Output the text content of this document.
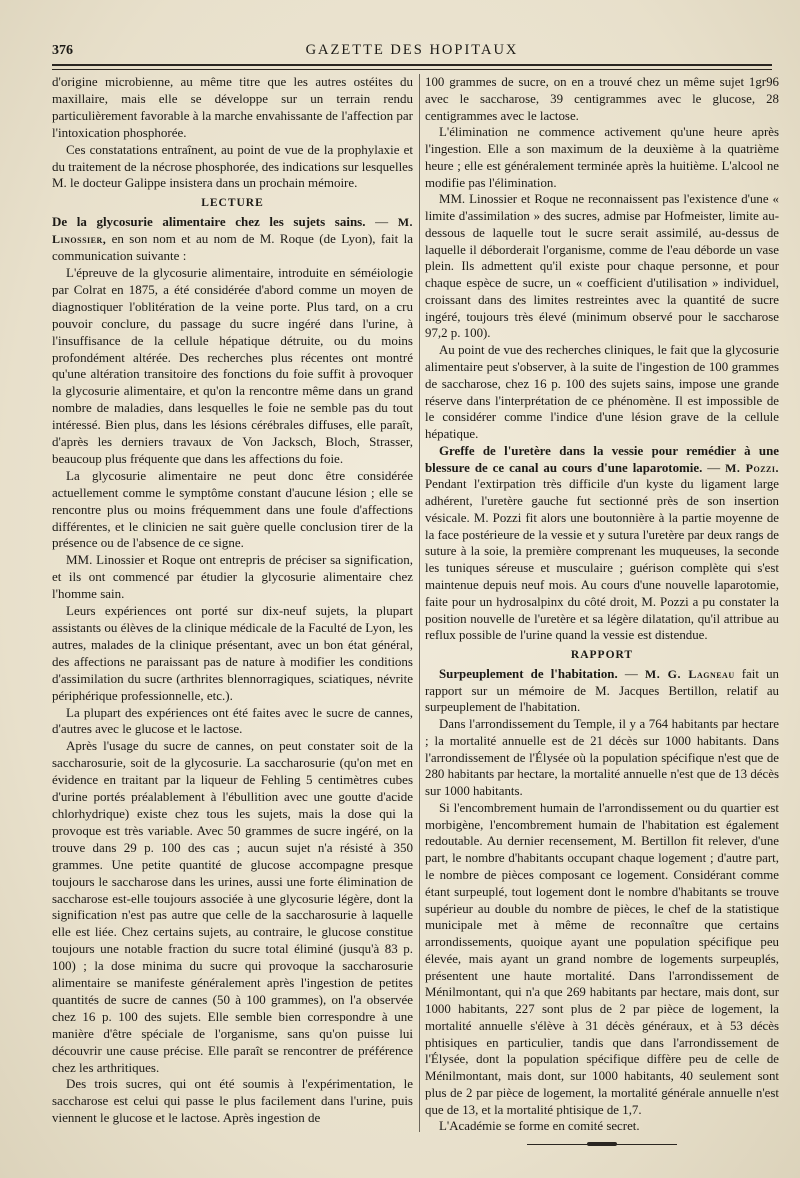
376	GAZETTE DES HOPITAUX

d'origine microbienne, au même titre que les autres ostéites du maxillaire, mais elle se développe sur un terrain rendu particulièrement favorable à la marche envahissante de l'affection par l'intoxication phosphorée.

Ces constatations entraînent, au point de vue de la prophylaxie et du traitement de la nécrose phosphorée, des indications sur lesquelles M. le docteur Galippe insistera dans un prochain mémoire.

LECTURE

De la glycosurie alimentaire chez les sujets sains. — M. Linossier, en son nom et au nom de M. Roque (de Lyon), fait la communication suivante :

L'épreuve de la glycosurie alimentaire, introduite en séméiologie par Colrat en 1875, a été considérée d'abord comme un moyen de diagnostiquer l'oblitération de la veine porte. Plus tard, on a cru pouvoir conclure, du passage du sucre ingéré dans l'urine, à l'insuffisance de la cellule hépatique détruite, ou du moins profondément altérée. Des recherches plus récentes ont montré qu'une altération transitoire des fonctions du foie suffit à provoquer la glycosurie alimentaire, et qu'on la rencontre même dans un grand nombre de maladies, dans lesquelles le foie ne semble pas du tout intéressé. Bien plus, dans les lésions cérébrales diffuses, elle paraît, d'après les derniers travaux de Von Jacksch, Bloch, Strasser, beaucoup plus fréquente que dans les affections du foie.

La glycosurie alimentaire ne peut donc être considérée actuellement comme le symptôme constant d'aucune lésion ; elle se rencontre plus ou moins fréquemment dans une foule d'affections différentes, et le clinicien ne sait guère quelle conclusion tirer de la présence ou de l'absence de ce signe.

MM. Linossier et Roque ont entrepris de préciser sa signification, et ils ont commencé par étudier la glycosurie alimentaire chez l'homme sain.

Leurs expériences ont porté sur dix-neuf sujets, la plupart assistants ou élèves de la clinique médicale de la Faculté de Lyon, les autres, malades de la clinique présentant, avec un bon état général, des affections ne paraissant pas de nature à modifier les conditions d'assimilation du sucre (arthrites blennorragiques, sciatiques, névrite périphérique professionnelle, etc.).

La plupart des expériences ont été faites avec le sucre de cannes, d'autres avec le glucose et le lactose.

Après l'usage du sucre de cannes, on peut constater soit de la saccharosurie, soit de la glycosurie. La saccharosurie (qu'on met en évidence en traitant par la liqueur de Fehling 5 centimètres cubes d'urine portés préalablement à l'ébullition avec une goutte d'acide chlorhydrique) existe chez tous les sujets, mais la dose qui la provoque est très variable. Avec 50 grammes de sucre ingéré, on la trouve dans 29 p. 100 des cas ; aucun sujet n'a résisté à 350 grammes. Une petite quantité de glucose accompagne presque toujours le saccharose dans les urines, aussi une forte élimination de saccharose est-elle toujours associée à une glycosurie légère, dont la signification n'est pas autre que celle de la saccharosurie à laquelle elle est liée. Chez certains sujets, au contraire, le glucose constitue toujours une notable fraction du sucre total éliminé (jusqu'à 83 p. 100) ; la dose minima du sucre qui provoque la saccharosurie alimentaire se manifeste généralement après l'ingestion de petites quantités de sucre de cannes (50 à 100 grammes), on l'a observée chez 16 p. 100 des sujets. Elle semble bien correspondre à une manière d'être spéciale de l'organisme, sans qu'on puisse lui découvrir une cause précise. Elle paraît se rencontrer de préférence chez les arthritiques.

Des trois sucres, qui ont été soumis à l'expérimentation, le saccharose est celui qui passe le plus facilement dans l'urine, puis viennent le glucose et le lactose. Après ingestion de

100 grammes de sucre, on en a trouvé chez un même sujet 1gr96 avec le saccharose, 39 centigrammes avec le glucose, 28 centigrammes avec le lactose.

L'élimination ne commence activement qu'une heure après l'ingestion. Elle a son maximum de la deuxième à la quatrième heure ; elle est généralement terminée après la huitième. L'alcool ne modifie pas l'élimination.

MM. Linossier et Roque ne reconnaissent pas l'existence d'une « limite d'assimilation » des sucres, admise par Hofmeister, limite au-dessous de laquelle tout le sucre serait assimilé, au-dessus de laquelle il déborderait l'organisme, comme de l'eau déborde un vase plein. Ils admettent qu'il existe pour chaque personne, et pour chaque espèce de sucre, un « coefficient d'utilisation » individuel, croissant dans des limites restreintes avec la quantité de sucre ingéré, toujours très élevé (minimum observé pour le saccharose 97,2 p. 100).

Au point de vue des recherches cliniques, le fait que la glycosurie alimentaire peut s'observer, à la suite de l'ingestion de 100 grammes de saccharose, chez 16 p. 100 des sujets sains, impose une grande réserve dans l'interprétation de ce phénomène. Il est impossible de le considérer comme l'indice d'une lésion grave de la cellule hépatique.

Greffe de l'uretère dans la vessie pour remédier à une blessure de ce canal au cours d'une laparotomie. — M. Pozzi. Pendant l'extirpation très difficile d'un kyste du ligament large adhérent, l'uretère gauche fut sectionné près de son insertion vésicale. M. Pozzi fit alors une boutonnière à la partie moyenne de la face postérieure de la vessie et y sutura l'uretère par deux rangs de suture à la soie, la première comprenant les muqueuses, la seconde les tuniques séreuse et musculaire ; guérison complète qui s'est maintenue depuis neuf mois. Au cours d'une nouvelle laparotomie, faite pour un hydrosalpinx du côté droit, M. Pozzi a pu constater la position nouvelle de l'uretère et sa légère dilatation, qu'il attribue au reflux possible de l'urine quand la vessie est distendue.

RAPPORT

Surpeuplement de l'habitation. — M. G. Lagneau fait un rapport sur un mémoire de M. Jacques Bertillon, relatif au surpeuplement de l'habitation.

Dans l'arrondissement du Temple, il y a 764 habitants par hectare ; la mortalité annuelle est de 21 décès sur 1000 habitants. Dans l'arrondissement de l'Élysée où la population spécifique n'est que de 280 habitants par hectare, la mortalité annuelle n'est que de 13 décès sur 1000 habitants.

Si l'encombrement humain de l'arrondissement ou du quartier est morbigène, l'encombrement humain de l'habitation est également redoutable. Au dernier recensement, M. Bertillon fit relever, d'une part, le nombre d'habitants occupant chaque logement ; d'autre part, le nombre de pièces composant ce logement. Considérant comme étant surpeuplé, tout logement dont le nombre d'habitants se trouve supérieur au double du nombre de pièces, le chef de la statistique municipale met à même de reconnaître que certains arrondissements, quoique ayant une population spécifique peu élevée, mais ayant un grand nombre de logements surpeuplés, présentent une haute mortalité. Dans l'arrondissement de Ménilmontant, qui n'a que 269 habitants par hectare, mais dont, sur 1000 habitants, 227 sont plus de 2 par pièce de logement, la mortalité annuelle s'élève à 31 décès généraux, et à 53 décès phtisiques en particulier, tandis que dans l'arrondissement de l'Élysée, dont la population spécifique diffère peu de celle de Ménilmontant, mais dont, sur 1000 habitants, 40 seulement sont plus de 2 par pièce de logement, la mortalité générale annuelle n'est que de 13, et la mortalité phtisique de 1,7.

L'Académie se forme en comité secret.
